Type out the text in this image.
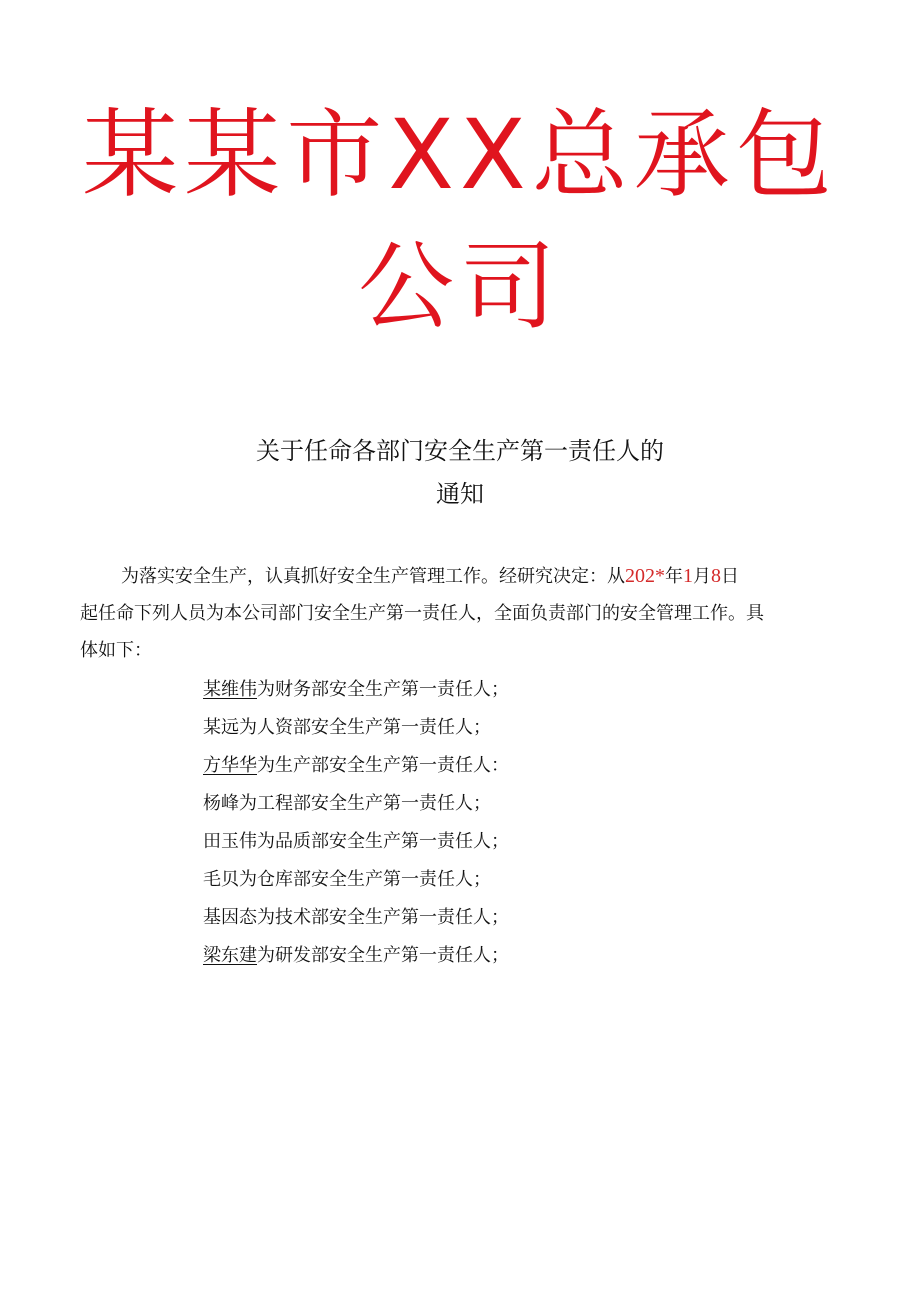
某某市XX总承包
公司
关于任命各部门安全生产第一责任人的
通知
为落实安全生产，认真抓好安全生产管理工作。经研究决定：从202*年1月8日
起任命下列人员为本公司部门安全生产第一责任人，全面负责部门的安全管理工作。具
体如下：
某维伟为财务部安全生产第一责任人；
某远为人资部安全生产第一责任人；
方华华为生产部安全生产第一责任人：
杨峰为工程部安全生产第一责任人；
田玉伟为品质部安全生产第一责任人；
毛贝为仓库部安全生产第一责任人；
基因态为技术部安全生产第一责任人；
梁东建为研发部安全生产第一责任人；
